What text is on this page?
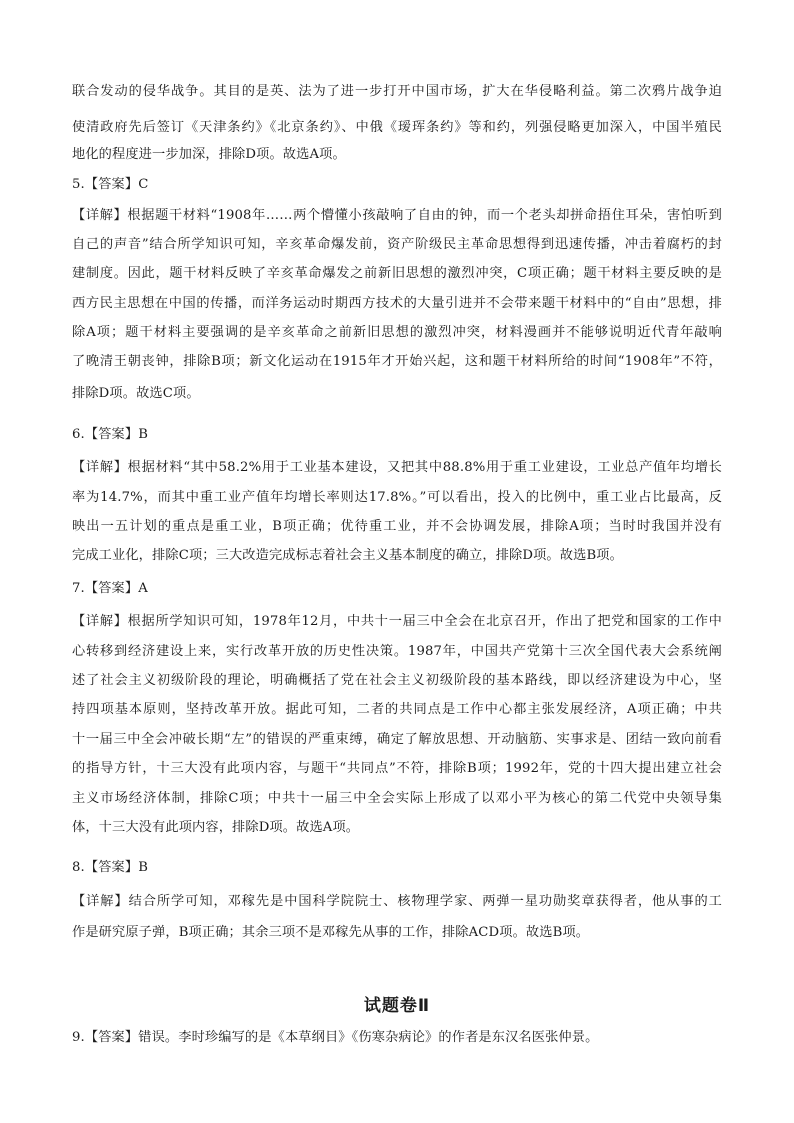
联合发动的侵华战争。其目的是英、法为了进一步打开中国市场，扩大在华侵略利益。第二次鸦片战争迫
使清政府先后签订《天津条约》《北京条约》、中俄《瑷珲条约》等和约，列强侵略更加深入，中国半殖民
地化的程度进一步加深，排除D项。故选A项。
5.【答案】C
【详解】根据题干材料“1908年……两个懵懂小孩敲响了自由的钟，而一个老头却拼命捂住耳朵，害怕听到
自己的声音”结合所学知识可知，辛亥革命爆发前，资产阶级民主革命思想得到迅速传播，冲击着腐朽的封
建制度。因此，题干材料反映了辛亥革命爆发之前新旧思想的激烈冲突，C项正确；题干材料主要反映的是
西方民主思想在中国的传播，而洋务运动时期西方技术的大量引进并不会带来题干材料中的“自由”思想，排
除A项；题干材料主要强调的是辛亥革命之前新旧思想的激烈冲突，材料漫画并不能够说明近代青年敲响
了晚清王朝丧钟，排除B项；新文化运动在1915年才开始兴起，这和题干材料所给的时间“1908年”不符，
排除D项。故选C项。
6.【答案】B
【详解】根据材料“其中58.2%用于工业基本建设，又把其中88.8%用于重工业建设，工业总产值年均增长
率为14.7%，而其中重工业产值年均增长率则达17.8%。”可以看出，投入的比例中，重工业占比最高，反
映出一五计划的重点是重工业，B项正确；优待重工业，并不会协调发展，排除A项；当时时我国并没有
完成工业化，排除C项；三大改造完成标志着社会主义基本制度的确立，排除D项。故选B项。
7.【答案】A
【详解】根据所学知识可知，1978年12月，中共十一届三中全会在北京召开，作出了把党和国家的工作中
心转移到经济建设上来，实行改革开放的历史性决策。1987年，中国共产党第十三次全国代表大会系统阐
述了社会主义初级阶段的理论，明确概括了党在社会主义初级阶段的基本路线，即以经济建设为中心，坚
持四项基本原则，坚持改革开放。据此可知，二者的共同点是工作中心都主张发展经济，A项正确；中共
十一届三中全会冲破长期“左”的错误的严重束缚，确定了解放思想、开动脑筋、实事求是、团结一致向前看
的指导方针，十三大没有此项内容，与题干“共同点”不符，排除B项；1992年，党的十四大提出建立社会
主义市场经济体制，排除C项；中共十一届三中全会实际上形成了以邓小平为核心的第二代党中央领导集
体，十三大没有此项内容，排除D项。故选A项。
8.【答案】B
【详解】结合所学可知，邓稼先是中国科学院院士、核物理学家、两弹一星功勋奖章获得者，他从事的工
作是研究原子弹，B项正确；其余三项不是邓稼先从事的工作，排除ACD项。故选B项。
试题卷Ⅱ
9.【答案】错误。李时珍编写的是《本草纲目》《伤寒杂病论》的作者是东汉名医张仲景。
